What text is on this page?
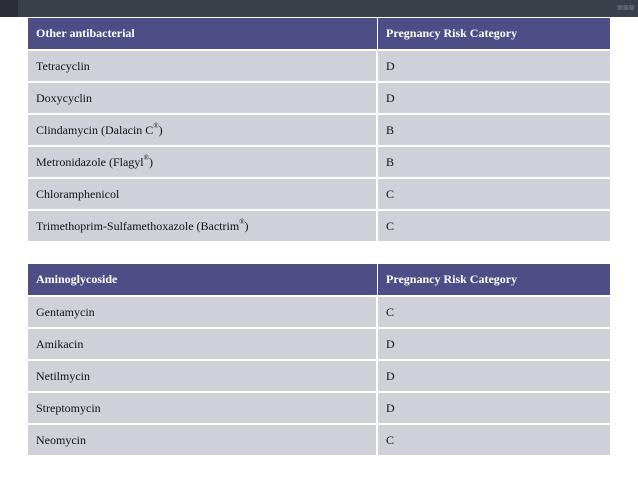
▪▪▪
Other antibacterial	Pregnancy Risk Category
Tetracyclin	D
Doxycyclin	D
Clindamycin (Dalacin C®)	B
Metronidazole (Flagyl®)	B
Chloramphenicol	C
Trimethoprim-Sulfamethoxazole (Bactrim®)	C
Aminoglycoside	Pregnancy Risk Category
Gentamycin	C
Amikacin	D
Netilmycin	D
Streptomycin	D
Neomycin	C
